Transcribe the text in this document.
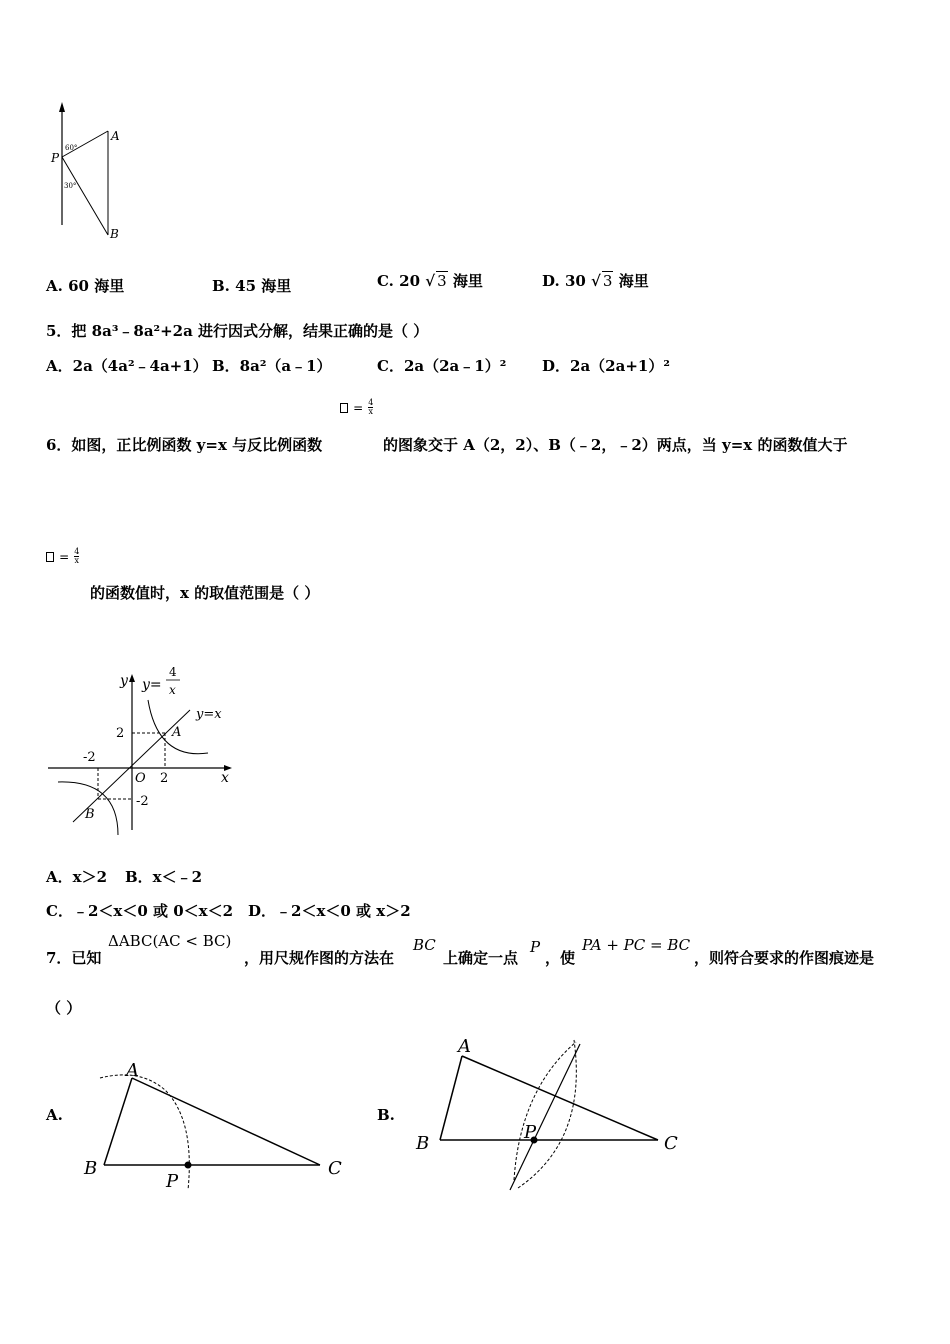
P
A
B
60°
30°
A. 60 海里	B. 45 海里	C. 20 √ 3 海里	D. 30 √ 3 海里
5．把 8a³﹣8a²+2a 进行因式分解，结果正确的是（ ）
A．2a（4a²﹣4a+1） B．8a²（a﹣1）	C．2a（2a﹣1）² D．2a（2a+1）²
= $\frac{4}{x}$
6．如图，正比例函数 y=x 与反比例函数	的图象交于 A（2，2）、B（﹣2，﹣2）两点，当 y=x 的函数值大于
= $\frac{4}{x}$
的函数值时，x 的取值范围是（ ）
y y=
4
x
y=x
A
B
O	x
2
2
-2
-2
A．x＞2 B．x＜﹣2
C．﹣2＜x＜0 或 0＜x＜2 D．﹣2＜x＜0 或 x＞2
7．已知
ΔABC(AC < BC)
，用尺规作图的方法在
BC
上确定一点
P
，使
PA + PC = BC
，则符合要求的作图痕迹是
（ ）
A.
A
B	C
P
B.
A
B	C
P
